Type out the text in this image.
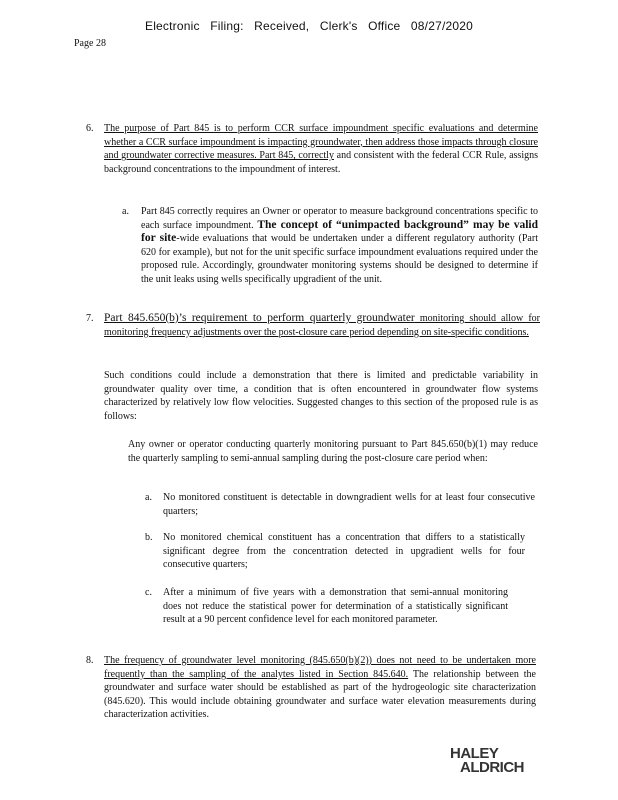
Electronic Filing: Received, Clerk's Office 08/27/2020
Page 28
6. The purpose of Part 845 is to perform CCR surface impoundment specific evaluations and determine whether a CCR surface impoundment is impacting groundwater, then address those impacts through closure and groundwater corrective measures. Part 845, correctly and consistent with the federal CCR Rule, assigns background concentrations to the impoundment of interest.
a. Part 845 correctly requires an Owner or operator to measure background concentrations specific to each surface impoundment. The concept of “unimpacted background” may be valid for site-wide evaluations that would be undertaken under a different regulatory authority (Part 620 for example), but not for the unit specific surface impoundment evaluations required under the proposed rule. Accordingly, groundwater monitoring systems should be designed to determine if the unit leaks using wells specifically upgradient of the unit.
7. Part 845.650(b)’s requirement to perform quarterly groundwater monitoring should allow for monitoring frequency adjustments over the post-closure care period depending on site-specific conditions.
Such conditions could include a demonstration that there is limited and predictable variability in groundwater quality over time, a condition that is often encountered in groundwater flow systems characterized by relatively low flow velocities. Suggested changes to this section of the proposed rule is as follows:
Any owner or operator conducting quarterly monitoring pursuant to Part 845.650(b)(1) may reduce the quarterly sampling to semi-annual sampling during the post-closure care period when:
a. No monitored constituent is detectable in downgradient wells for at least four consecutive quarters;
b. No monitored chemical constituent has a concentration that differs to a statistically significant degree from the concentration detected in upgradient wells for four consecutive quarters;
c. After a minimum of five years with a demonstration that semi-annual monitoring does not reduce the statistical power for determination of a statistically significant result at a 90 percent confidence level for each monitored parameter.
8. The frequency of groundwater level monitoring (845.650(b)(2)) does not need to be undertaken more frequently than the sampling of the analytes listed in Section 845.640. The relationship between the groundwater and surface water should be established as part of the hydrogeologic site characterization (845.620). This would include obtaining groundwater and surface water elevation measurements during characterization activities.
HALEY
ALDRICH
